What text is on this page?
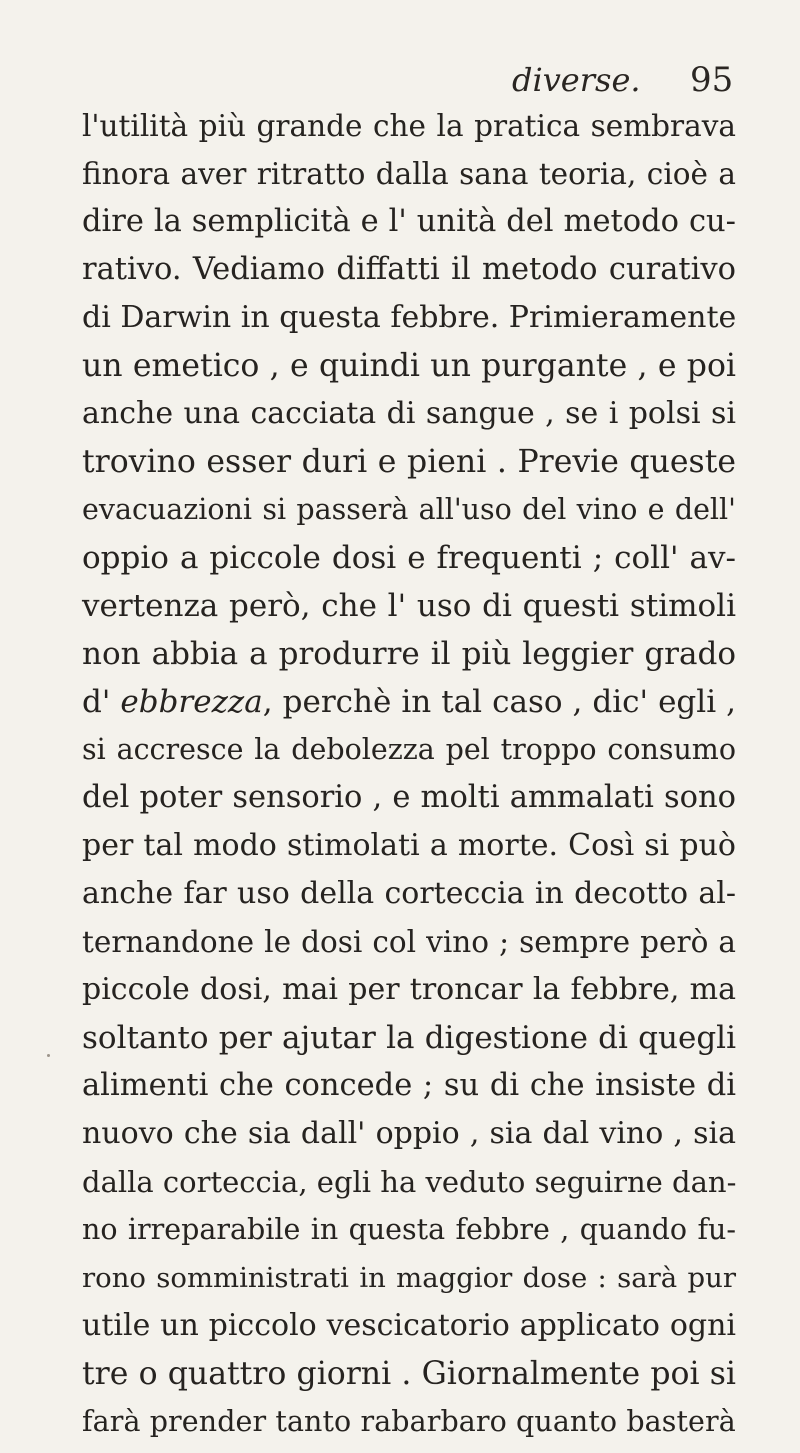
diverse. 95
l'utilità più grande che la pratica sembrava
finora aver ritratto dalla sana teoria, cioè a
dire la semplicità e l' unità del metodo cu-
rativo. Vediamo diffatti il metodo curativo
di Darwin in questa febbre. Primieramente
un emetico , e quindi un purgante , e poi
anche una cacciata di sangue , se i polsi si
trovino esser duri e pieni . Previe queste
evacuazioni si passerà all'uso del vino e dell'
oppio a piccole dosi e frequenti ; coll' av-
vertenza però, che l' uso di questi stimoli
non abbia a produrre il più leggier grado
d' ebbrezza, perchè in tal caso , dic' egli ,
si accresce la debolezza pel troppo consumo
del poter sensorio , e molti ammalati sono
per tal modo stimolati a morte. Così si può
anche far uso della corteccia in decotto al-
ternandone le dosi col vino ; sempre però a
piccole dosi, mai per troncar la febbre, ma
soltanto per ajutar la digestione di quegli
alimenti che concede ; su di che insiste di
nuovo che sia dall' oppio , sia dal vino , sia
dalla corteccia, egli ha veduto seguirne dan-
no irreparabile in questa febbre , quando fu-
rono somministrati in maggior dose : sarà pur
utile un piccolo vescicatorio applicato ogni
tre o quattro giorni . Giornalmente poi si
farà prender tanto rabarbaro quanto basterà
